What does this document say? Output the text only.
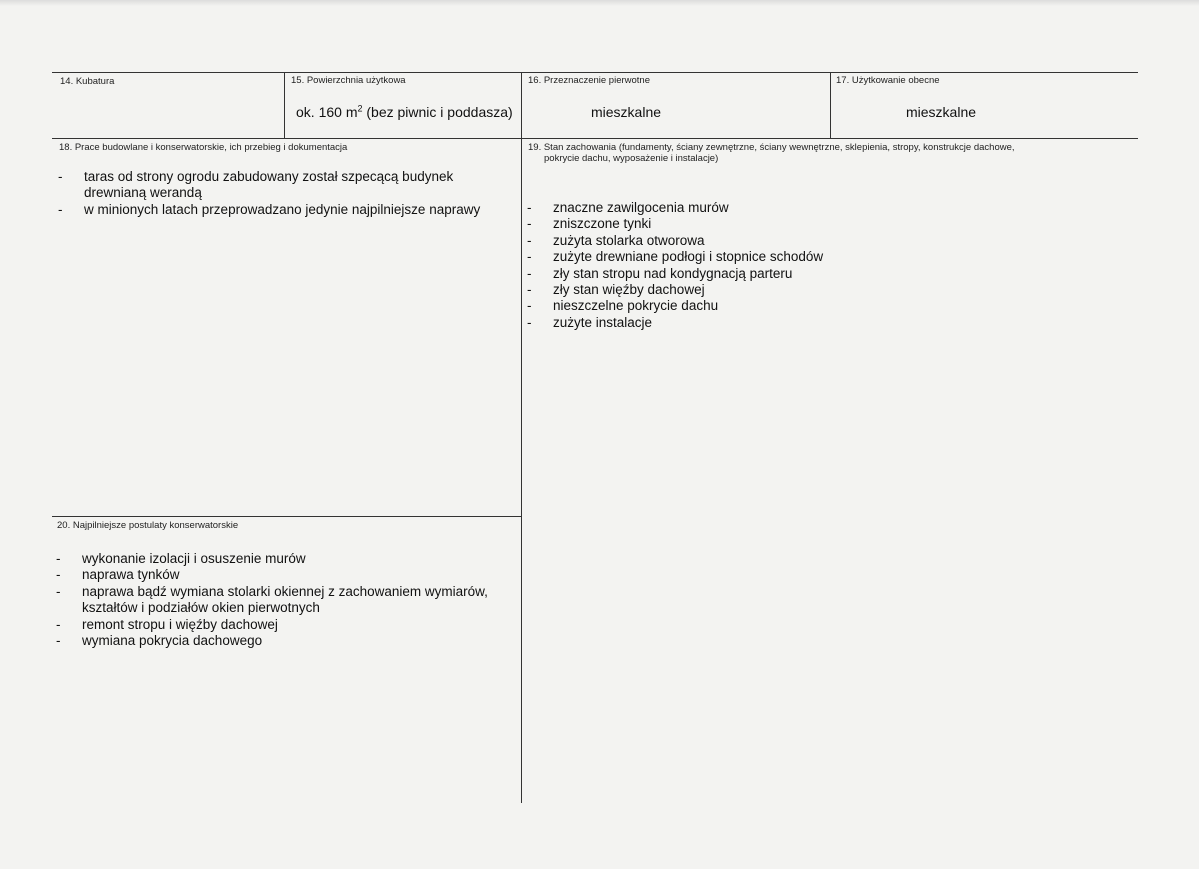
14. Kubatura	15. Powierzchnia użytkowa
ok. 160 $m^2$ (bez piwnic i poddasza)
16. Przeznaczenie pierwotne
mieszkalne
17. Użytkowanie obecne
mieszkalne
18. Prace budowlane i konserwatorskie, ich przebieg i dokumentacja
- taras od strony ogrodu zabudowany został szpecącą budynek drewnianą werandą
- w minionych latach przeprowadzano jedynie najpilniejsze naprawy
19. Stan zachowania (fundamenty, ściany zewnętrzne, ściany wewnętrzne, sklepienia, stropy, konstrukcje dachowe,
pokrycie dachu, wyposażenie i instalacje)
- znaczne zawilgocenia murów
- zniszczone tynki
- zużyta stolarka otworowa
- zużyte drewniane podłogi i stopnice schodów
- zły stan stropu nad kondygnacją parteru
- zły stan więźby dachowej
- nieszczelne pokrycie dachu
- zużyte instalacje
20. Najpilniejsze postulaty konserwatorskie
- wykonanie izolacji i osuszenie murów
- naprawa tynków
- naprawa bądź wymiana stolarki okiennej z zachowaniem wymiarów, kształtów i podziałów okien pierwotnych
- remont stropu i więźby dachowej
- wymiana pokrycia dachowego
